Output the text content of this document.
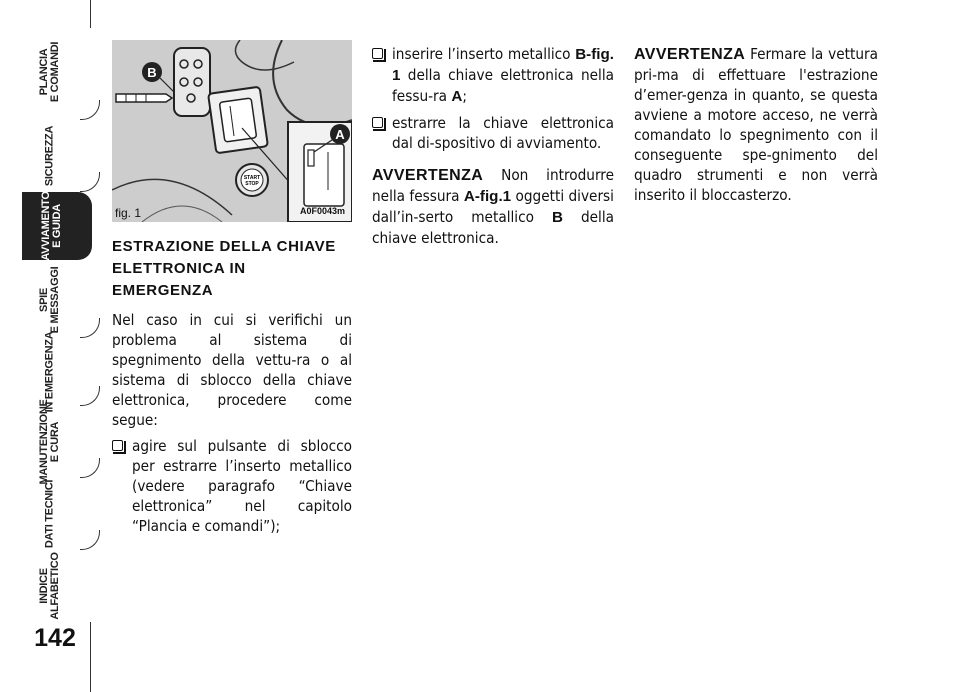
PLANCIA
E COMANDI
SICUREZZA
AVVIAMENTO
E GUIDA
SPIE
E MESSAGGI
IN EMERGENZA
MANUTENZIONE
E CURA
DATI TECNICI
INDICE
ALFABETICO
142
START
STOP
B
A
fig. 1	A0F0043m
ESTRAZIONE DELLA CHIAVE
ELETTRONICA IN
EMERGENZA

Nel caso in cui si verifichi un problema al sistema di spegnimento della vettu-ra o al sistema di sblocco della chiave elettronica, procedere come segue:

agire sul pulsante di sblocco per estrarre l’inserto metallico (vedere paragrafo “Chiave elettronica” nel capitolo “Plancia e comandi”);
inserire l’inserto metallico B-fig. 1 della chiave elettronica nella fessu-ra A;
estrarre la chiave elettronica dal di-spositivo di avviamento.

AVVERTENZA Non introdurre nella fessura A-fig.1 oggetti diversi dall’in-serto metallico B della chiave elettronica.

AVVERTENZA Fermare la vettura pri-ma di effettuare l'estrazione d’emer-genza in quanto, se questa avviene a motore acceso, ne verrà comandato lo spegnimento con il conseguente spe-gnimento del quadro strumenti e non verrà inserito il bloccasterzo.
